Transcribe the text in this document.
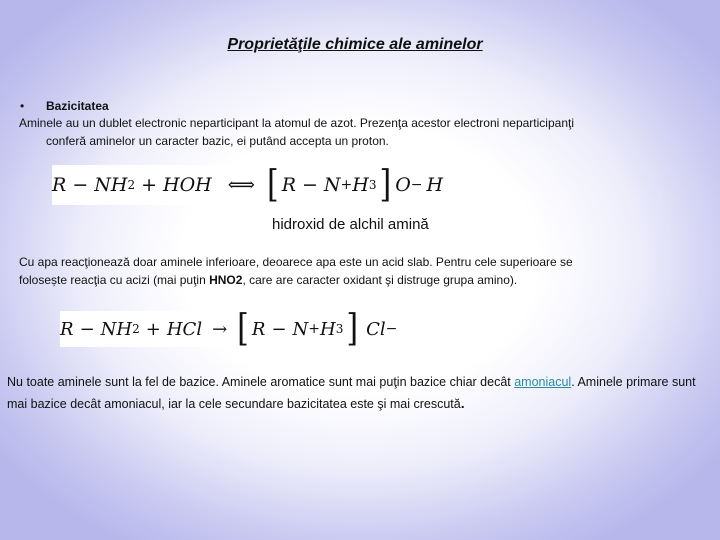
Proprietăţile chimice ale aminelor
• Bazicitatea
Aminele au un dublet electronic neparticipant la atomul de azot. Prezenţa acestor electroni neparticipanţi
conferă aminelor un caracter bazic, ei putând accepta un proton.
R − N H 2 + HOH ⟺ [ R − N + H 3 ] O − H
hidroxid de alchil amină
Cu apa reacţionează doar aminele inferioare, deoarece apa este un acid slab. Pentru cele superioare se
folosește reacţia cu acizi (mai puţin HNO2, care are caracter oxidant şi distruge grupa amino).
R − N H 2 + HCl → [ R − N + H 3 ] Cl −
Nu toate aminele sunt la fel de bazice. Aminele aromatice sunt mai puţin bazice chiar decât amoniacul. Aminele primare sunt mai bazice decât amoniacul, iar la cele secundare bazicitatea este şi mai crescută.
